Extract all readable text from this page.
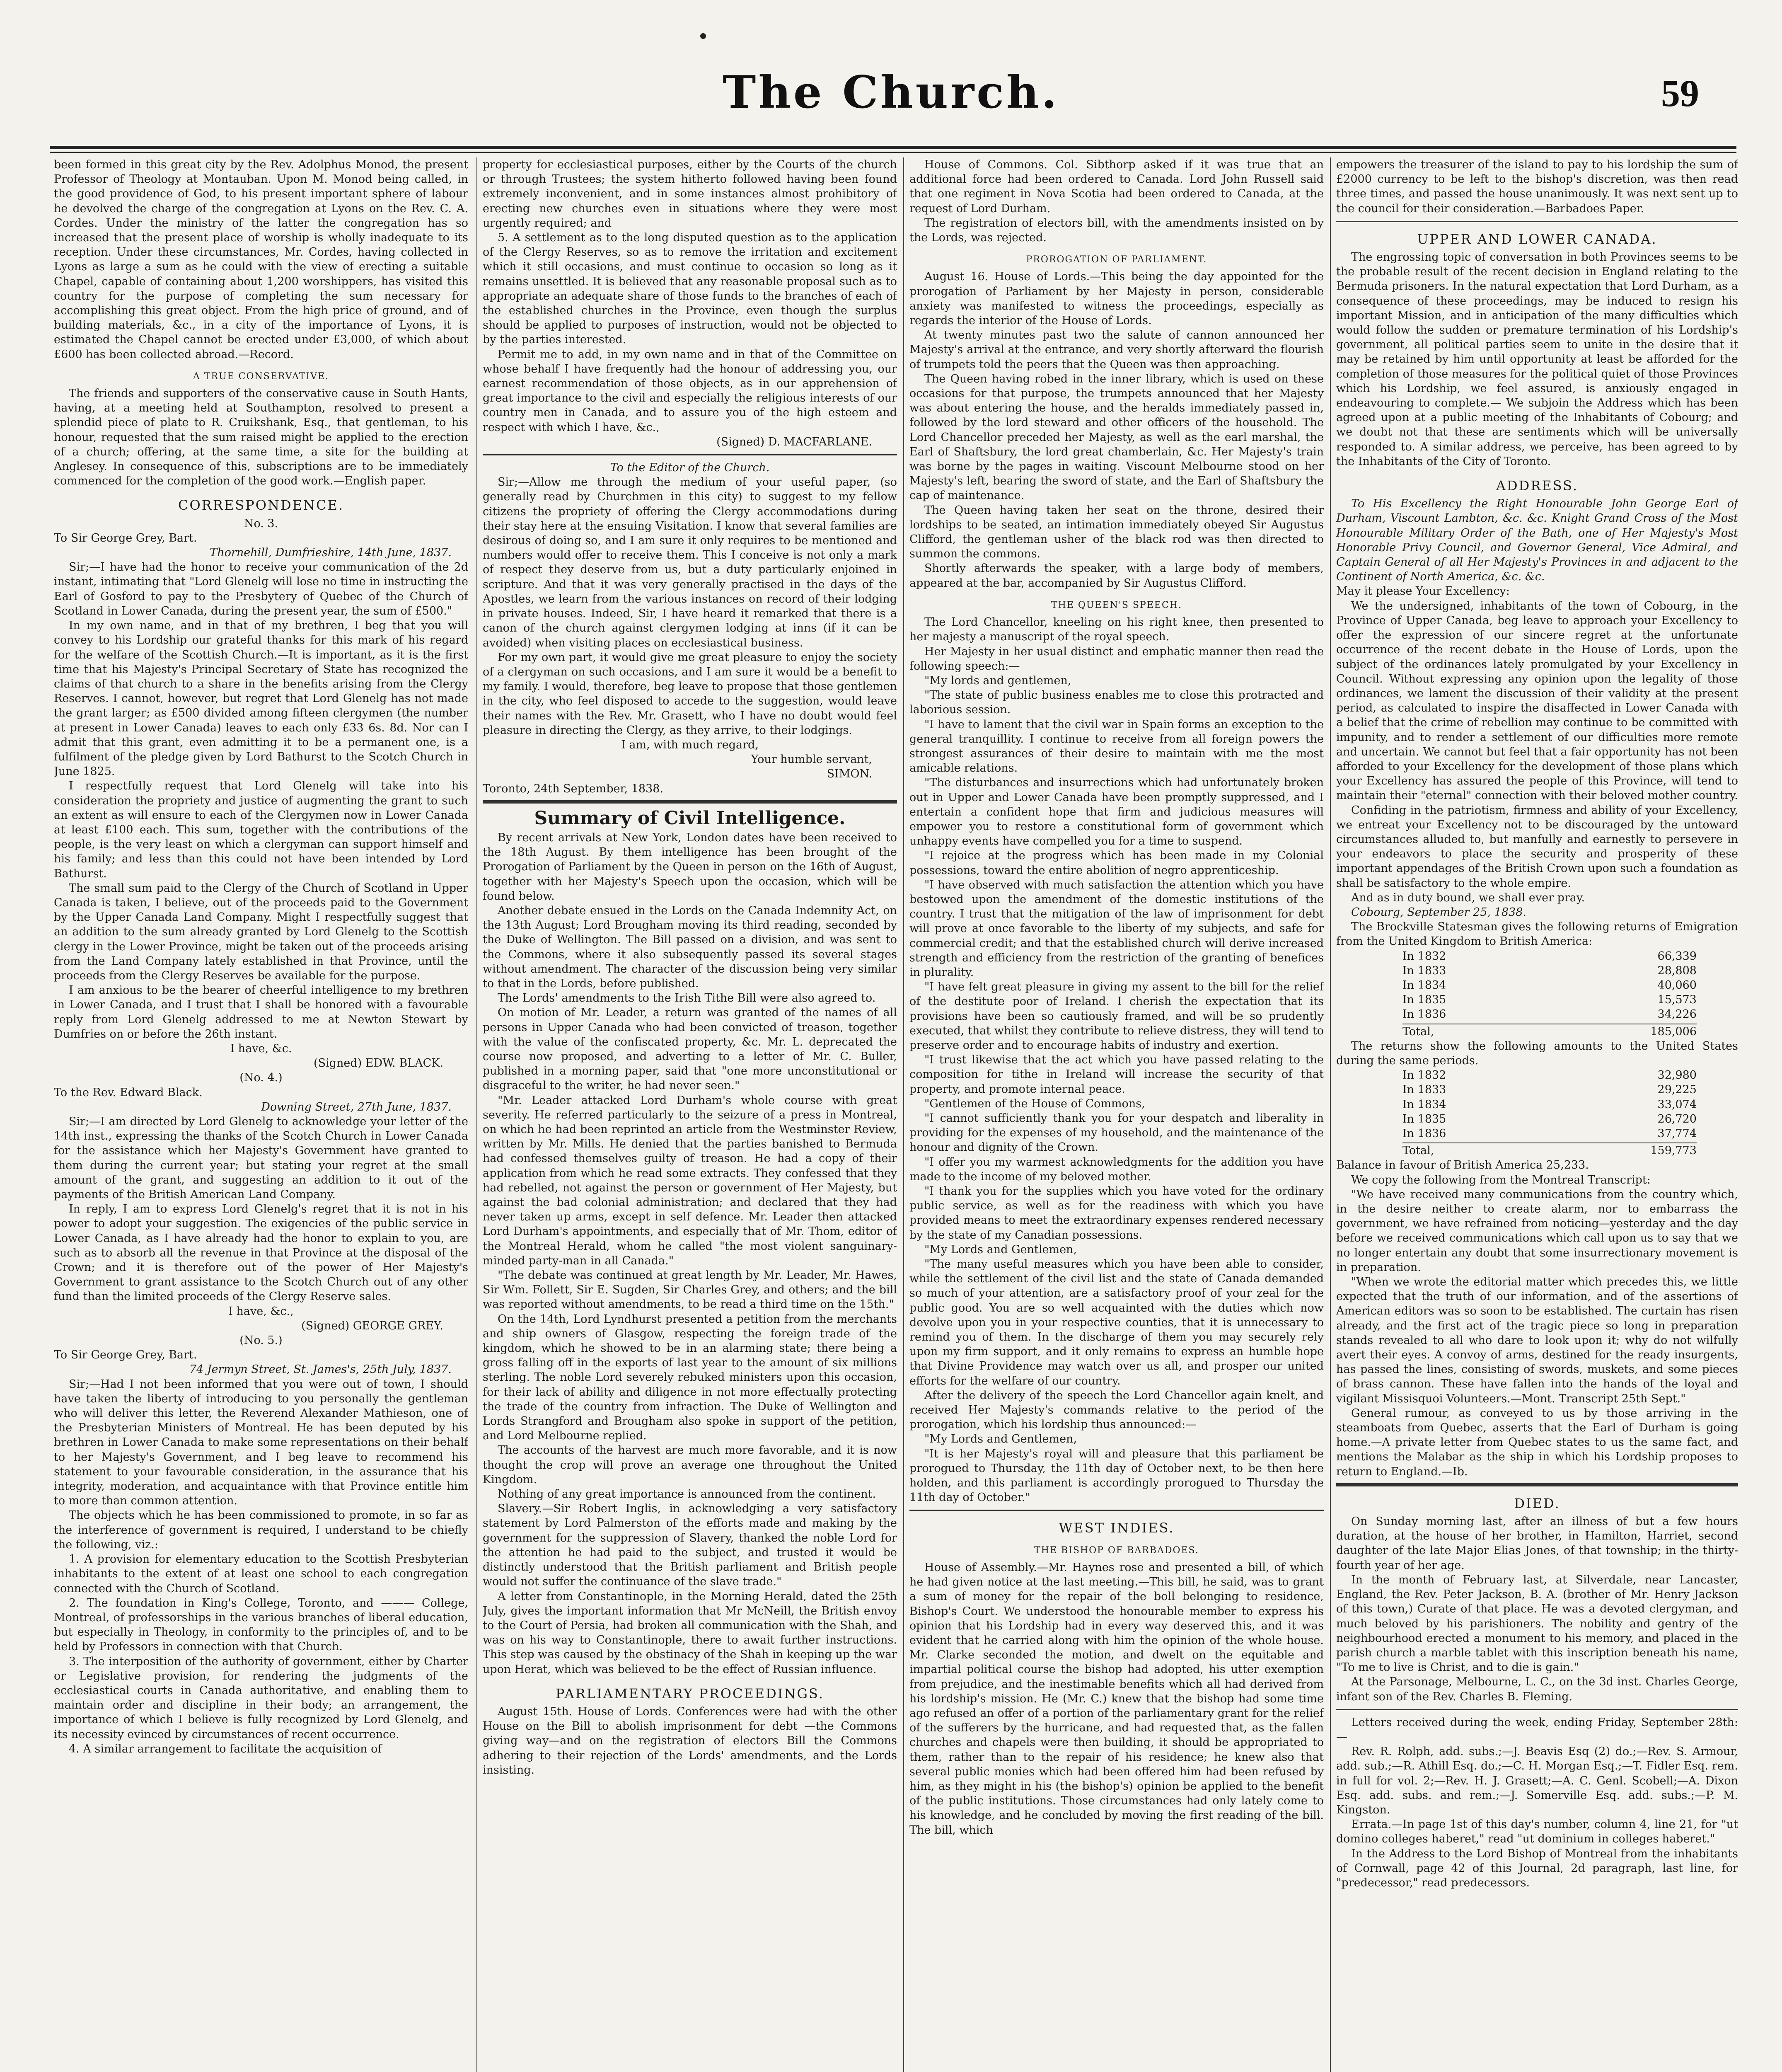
The Church.	59

been formed in this great city by the Rev. Adolphus Monod, the present Professor of Theology at Montauban. Upon M. Monod being called, in the good providence of God, to his present important sphere of labour he devolved the charge of the congregation at Lyons on the Rev. C. A. Cordes. Under the ministry of the latter the congregation has so increased that the present place of worship is wholly inadequate to its reception. Under these circumstances, Mr. Cordes, having collected in Lyons as large a sum as he could with the view of erecting a suitable Chapel, capable of containing about 1,200 worshippers, has visited this country for the purpose of completing the sum necessary for accomplishing this great object. From the high price of ground, and of building materials, &c., in a city of the importance of Lyons, it is estimated the Chapel cannot be erected under £3,000, of which about £600 has been collected abroad.—Record.

A TRUE CONSERVATIVE.

The friends and supporters of the conservative cause in South Hants, having, at a meeting held at Southampton, resolved to present a splendid piece of plate to R. Cruikshank, Esq., that gentleman, to his honour, requested that the sum raised might be applied to the erection of a church; offering, at the same time, a site for the building at Anglesey. In consequence of this, subscriptions are to be immediately commenced for the completion of the good work.—English paper.

CORRESPONDENCE.

No. 3.

To Sir George Grey, Bart.

Thornehill, Dumfrieshire, 14th June, 1837.

Sir;—I have had the honor to receive your communication of the 2d instant, intimating that "Lord Glenelg will lose no time in instructing the Earl of Gosford to pay to the Presbytery of Quebec of the Church of Scotland in Lower Canada, during the present year, the sum of £500."

In my own name, and in that of my brethren, I beg that you will convey to his Lordship our grateful thanks for this mark of his regard for the welfare of the Scottish Church.—It is important, as it is the first time that his Majesty's Principal Secretary of State has recognized the claims of that church to a share in the benefits arising from the Clergy Reserves. I cannot, however, but regret that Lord Glenelg has not made the grant larger; as £500 divided among fifteen clergymen (the number at present in Lower Canada) leaves to each only £33 6s. 8d. Nor can I admit that this grant, even admitting it to be a permanent one, is a fulfilment of the pledge given by Lord Bathurst to the Scotch Church in June 1825.

I respectfully request that Lord Glenelg will take into his consideration the propriety and justice of augmenting the grant to such an extent as will ensure to each of the Clergymen now in Lower Canada at least £100 each. This sum, together with the contributions of the people, is the very least on which a clergyman can support himself and his family; and less than this could not have been intended by Lord Bathurst.

The small sum paid to the Clergy of the Church of Scotland in Upper Canada is taken, I believe, out of the proceeds paid to the Government by the Upper Canada Land Company. Might I respectfully suggest that an addition to the sum already granted by Lord Glenelg to the Scottish clergy in the Lower Province, might be taken out of the proceeds arising from the Land Company lately established in that Province, until the proceeds from the Clergy Reserves be available for the purpose.

I am anxious to be the bearer of cheerful intelligence to my brethren in Lower Canada, and I trust that I shall be honored with a favourable reply from Lord Glenelg addressed to me at Newton Stewart by Dumfries on or before the 26th instant.

I have, &c.

(Signed) EDW. BLACK.

(No. 4.)

To the Rev. Edward Black.

Downing Street, 27th June, 1837.

Sir;—I am directed by Lord Glenelg to acknowledge your letter of the 14th inst., expressing the thanks of the Scotch Church in Lower Canada for the assistance which her Majesty's Government have granted to them during the current year; but stating your regret at the small amount of the grant, and suggesting an addition to it out of the payments of the British American Land Company.

In reply, I am to express Lord Glenelg's regret that it is not in his power to adopt your suggestion. The exigencies of the public service in Lower Canada, as I have already had the honor to explain to you, are such as to absorb all the revenue in that Province at the disposal of the Crown; and it is therefore out of the power of Her Majesty's Government to grant assistance to the Scotch Church out of any other fund than the limited proceeds of the Clergy Reserve sales.

I have, &c.,

(Signed) GEORGE GREY.

(No. 5.)

To Sir George Grey, Bart.

74 Jermyn Street, St. James's, 25th July, 1837.

Sir;—Had I not been informed that you were out of town, I should have taken the liberty of introducing to you personally the gentleman who will deliver this letter, the Reverend Alexander Mathieson, one of the Presbyterian Ministers of Montreal. He has been deputed by his brethren in Lower Canada to make some representations on their behalf to her Majesty's Government, and I beg leave to recommend his statement to your favourable consideration, in the assurance that his integrity, moderation, and acquaintance with that Province entitle him to more than common attention.

The objects which he has been commissioned to promote, in so far as the interference of government is required, I understand to be chiefly the following, viz.:

1. A provision for elementary education to the Scottish Presbyterian inhabitants to the extent of at least one school to each congregation connected with the Church of Scotland.

2. The foundation in King's College, Toronto, and ——— College, Montreal, of professorships in the various branches of liberal education, but especially in Theology, in conformity to the principles of, and to be held by Professors in connection with that Church.

3. The interposition of the authority of government, either by Charter or Legislative provision, for rendering the judgments of the ecclesiastical courts in Canada authoritative, and enabling them to maintain order and discipline in their body; an arrangement, the importance of which I believe is fully recognized by Lord Glenelg, and its necessity evinced by circumstances of recent occurrence.

4. A similar arrangement to facilitate the acquisition of

property for ecclesiastical purposes, either by the Courts of the church or through Trustees; the system hitherto followed having been found extremely inconvenient, and in some instances almost prohibitory of erecting new churches even in situations where they were most urgently required; and

5. A settlement as to the long disputed question as to the application of the Clergy Reserves, so as to remove the irritation and excitement which it still occasions, and must continue to occasion so long as it remains unsettled. It is believed that any reasonable proposal such as to appropriate an adequate share of those funds to the branches of each of the established churches in the Province, even though the surplus should be applied to purposes of instruction, would not be objected to by the parties interested.

Permit me to add, in my own name and in that of the Committee on whose behalf I have frequently had the honour of addressing you, our earnest recommendation of those objects, as in our apprehension of great importance to the civil and especially the religious interests of our country men in Canada, and to assure you of the high esteem and respect with which I have, &c.,

(Signed) D. MACFARLANE.

To the Editor of the Church.

Sir;—Allow me through the medium of your useful paper, (so generally read by Churchmen in this city) to suggest to my fellow citizens the propriety of offering the Clergy accommodations during their stay here at the ensuing Visitation. I know that several families are desirous of doing so, and I am sure it only requires to be mentioned and numbers would offer to receive them. This I conceive is not only a mark of respect they deserve from us, but a duty particularly enjoined in scripture. And that it was very generally practised in the days of the Apostles, we learn from the various instances on record of their lodging in private houses. Indeed, Sir, I have heard it remarked that there is a canon of the church against clergymen lodging at inns (if it can be avoided) when visiting places on ecclesiastical business.

For my own part, it would give me great pleasure to enjoy the society of a clergyman on such occasions, and I am sure it would be a benefit to my family. I would, therefore, beg leave to propose that those gentlemen in the city, who feel disposed to accede to the suggestion, would leave their names with the Rev. Mr. Grasett, who I have no doubt would feel pleasure in directing the Clergy, as they arrive, to their lodgings.

I am, with much regard,

Your humble servant,

SIMON.

Toronto, 24th September, 1838.

Summary of Civil Intelligence.

By recent arrivals at New York, London dates have been received to the 18th August. By them intelligence has been brought of the Prorogation of Parliament by the Queen in person on the 16th of August, together with her Majesty's Speech upon the occasion, which will be found below.

Another debate ensued in the Lords on the Canada Indemnity Act, on the 13th August; Lord Brougham moving its third reading, seconded by the Duke of Wellington. The Bill passed on a division, and was sent to the Commons, where it also subsequently passed its several stages without amendment. The character of the discussion being very similar to that in the Lords, before published.

The Lords' amendments to the Irish Tithe Bill were also agreed to.

On motion of Mr. Leader, a return was granted of the names of all persons in Upper Canada who had been convicted of treason, together with the value of the confiscated property, &c. Mr. L. deprecated the course now proposed, and adverting to a letter of Mr. C. Buller, published in a morning paper, said that "one more unconstitutional or disgraceful to the writer, he had never seen."

"Mr. Leader attacked Lord Durham's whole course with great severity. He referred particularly to the seizure of a press in Montreal, on which he had been reprinted an article from the Westminster Review, written by Mr. Mills. He denied that the parties banished to Bermuda had confessed themselves guilty of treason. He had a copy of their application from which he read some extracts. They confessed that they had rebelled, not against the person or government of Her Majesty, but against the bad colonial administration; and declared that they had never taken up arms, except in self defence. Mr. Leader then attacked Lord Durham's appointments, and especially that of Mr. Thom, editor of the Montreal Herald, whom he called "the most violent sanguinary-minded party-man in all Canada."

"The debate was continued at great length by Mr. Leader, Mr. Hawes, Sir Wm. Follett, Sir E. Sugden, Sir Charles Grey, and others; and the bill was reported without amendments, to be read a third time on the 15th."

On the 14th, Lord Lyndhurst presented a petition from the merchants and ship owners of Glasgow, respecting the foreign trade of the kingdom, which he showed to be in an alarming state; there being a gross falling off in the exports of last year to the amount of six millions sterling. The noble Lord severely rebuked ministers upon this occasion, for their lack of ability and diligence in not more effectually protecting the trade of the country from infraction. The Duke of Wellington and Lords Strangford and Brougham also spoke in support of the petition, and Lord Melbourne replied.

The accounts of the harvest are much more favorable, and it is now thought the crop will prove an average one throughout the United Kingdom.

Nothing of any great importance is announced from the continent.

Slavery.—Sir Robert Inglis, in acknowledging a very satisfactory statement by Lord Palmerston of the efforts made and making by the government for the suppression of Slavery, thanked the noble Lord for the attention he had paid to the subject, and trusted it would be distinctly understood that the British parliament and British people would not suffer the continuance of the slave trade."

A letter from Constantinople, in the Morning Herald, dated the 25th July, gives the important information that Mr McNeill, the British envoy to the Court of Persia, had broken all communication with the Shah, and was on his way to Constantinople, there to await further instructions. This step was caused by the obstinacy of the Shah in keeping up the war upon Herat, which was believed to be the effect of Russian influence.

PARLIAMENTARY PROCEEDINGS.

August 15th. House of Lords. Conferences were had with the other House on the Bill to abolish imprisonment for debt —the Commons giving way—and on the registration of electors Bill the Commons adhering to their rejection of the Lords' amendments, and the Lords insisting.

House of Commons. Col. Sibthorp asked if it was true that an additional force had been ordered to Canada. Lord John Russell said that one regiment in Nova Scotia had been ordered to Canada, at the request of Lord Durham.

The registration of electors bill, with the amendments insisted on by the Lords, was rejected.

PROROGATION OF PARLIAMENT.

August 16. House of Lords.—This being the day appointed for the prorogation of Parliament by her Majesty in person, considerable anxiety was manifested to witness the proceedings, especially as regards the interior of the House of Lords.

At twenty minutes past two the salute of cannon announced her Majesty's arrival at the entrance, and very shortly afterward the flourish of trumpets told the peers that the Queen was then approaching.

The Queen having robed in the inner library, which is used on these occasions for that purpose, the trumpets announced that her Majesty was about entering the house, and the heralds immediately passed in, followed by the lord steward and other officers of the household. The Lord Chancellor preceded her Majesty, as well as the earl marshal, the Earl of Shaftsbury, the lord great chamberlain, &c. Her Majesty's train was borne by the pages in waiting. Viscount Melbourne stood on her Majesty's left, bearing the sword of state, and the Earl of Shaftsbury the cap of maintenance.

The Queen having taken her seat on the throne, desired their lordships to be seated, an intimation immediately obeyed Sir Augustus Clifford, the gentleman usher of the black rod was then directed to summon the commons.

Shortly afterwards the speaker, with a large body of members, appeared at the bar, accompanied by Sir Augustus Clifford.

THE QUEEN'S SPEECH.

The Lord Chancellor, kneeling on his right knee, then presented to her majesty a manuscript of the royal speech.

Her Majesty in her usual distinct and emphatic manner then read the following speech:—

"My lords and gentlemen,

"The state of public business enables me to close this protracted and laborious session.

"I have to lament that the civil war in Spain forms an exception to the general tranquillity. I continue to receive from all foreign powers the strongest assurances of their desire to maintain with me the most amicable relations.

"The disturbances and insurrections which had unfortunately broken out in Upper and Lower Canada have been promptly suppressed, and I entertain a confident hope that firm and judicious measures will empower you to restore a constitutional form of government which unhappy events have compelled you for a time to suspend.

"I rejoice at the progress which has been made in my Colonial possessions, toward the entire abolition of negro apprenticeship.

"I have observed with much satisfaction the attention which you have bestowed upon the amendment of the domestic institutions of the country. I trust that the mitigation of the law of imprisonment for debt will prove at once favorable to the liberty of my subjects, and safe for commercial credit; and that the established church will derive increased strength and efficiency from the restriction of the granting of benefices in plurality.

"I have felt great pleasure in giving my assent to the bill for the relief of the destitute poor of Ireland. I cherish the expectation that its provisions have been so cautiously framed, and will be so prudently executed, that whilst they contribute to relieve distress, they will tend to preserve order and to encourage habits of industry and exertion.

"I trust likewise that the act which you have passed relating to the composition for tithe in Ireland will increase the security of that property, and promote internal peace.

"Gentlemen of the House of Commons,

"I cannot sufficiently thank you for your despatch and liberality in providing for the expenses of my household, and the maintenance of the honour and dignity of the Crown.

"I offer you my warmest acknowledgments for the addition you have made to the income of my beloved mother.

"I thank you for the supplies which you have voted for the ordinary public service, as well as for the readiness with which you have provided means to meet the extraordinary expenses rendered necessary by the state of my Canadian possessions.

"My Lords and Gentlemen,

"The many useful measures which you have been able to consider, while the settlement of the civil list and the state of Canada demanded so much of your attention, are a satisfactory proof of your zeal for the public good. You are so well acquainted with the duties which now devolve upon you in your respective counties, that it is unnecessary to remind you of them. In the discharge of them you may securely rely upon my firm support, and it only remains to express an humble hope that Divine Providence may watch over us all, and prosper our united efforts for the welfare of our country.

After the delivery of the speech the Lord Chancellor again knelt, and received Her Majesty's commands relative to the period of the prorogation, which his lordship thus announced:—

"My Lords and Gentlemen,

"It is her Majesty's royal will and pleasure that this parliament be prorogued to Thursday, the 11th day of October next, to be then here holden, and this parliament is accordingly prorogued to Thursday the 11th day of October."

WEST INDIES.

THE BISHOP OF BARBADOES.

House of Assembly.—Mr. Haynes rose and presented a bill, of which he had given notice at the last meeting.—This bill, he said, was to grant a sum of money for the repair of the boll belonging to residence, Bishop's Court. We understood the honourable member to express his opinion that his Lordship had in every way deserved this, and it was evident that he carried along with him the opinion of the whole house. Mr. Clarke seconded the motion, and dwelt on the equitable and impartial political course the bishop had adopted, his utter exemption from prejudice, and the inestimable benefits which all had derived from his lordship's mission. He (Mr. C.) knew that the bishop had some time ago refused an offer of a portion of the parliamentary grant for the relief of the sufferers by the hurricane, and had requested that, as the fallen churches and chapels were then building, it should be appropriated to them, rather than to the repair of his residence; he knew also that several public monies which had been offered him had been refused by him, as they might in his (the bishop's) opinion be applied to the benefit of the public institutions. Those circumstances had only lately come to his knowledge, and he concluded by moving the first reading of the bill. The bill, which

empowers the treasurer of the island to pay to his lordship the sum of £2000 currency to be left to the bishop's discretion, was then read three times, and passed the house unanimously. It was next sent up to the council for their consideration.—Barbadoes Paper.

UPPER AND LOWER CANADA.

The engrossing topic of conversation in both Provinces seems to be the probable result of the recent decision in England relating to the Bermuda prisoners. In the natural expectation that Lord Durham, as a consequence of these proceedings, may be induced to resign his important Mission, and in anticipation of the many difficulties which would follow the sudden or premature termination of his Lordship's government, all political parties seem to unite in the desire that it may be retained by him until opportunity at least be afforded for the completion of those measures for the political quiet of those Provinces which his Lordship, we feel assured, is anxiously engaged in endeavouring to complete.— We subjoin the Address which has been agreed upon at a public meeting of the Inhabitants of Cobourg; and we doubt not that these are sentiments which will be universally responded to. A similar address, we perceive, has been agreed to by the Inhabitants of the City of Toronto.

ADDRESS.

To His Excellency the Right Honourable John George Earl of Durham, Viscount Lambton, &c. &c. Knight Grand Cross of the Most Honourable Military Order of the Bath, one of Her Majesty's Most Honorable Privy Council, and Governor General, Vice Admiral, and Captain General of all Her Majesty's Provinces in and adjacent to the Continent of North America, &c. &c.

May it please Your Excellency:

We the undersigned, inhabitants of the town of Cobourg, in the Province of Upper Canada, beg leave to approach your Excellency to offer the expression of our sincere regret at the unfortunate occurrence of the recent debate in the House of Lords, upon the subject of the ordinances lately promulgated by your Excellency in Council. Without expressing any opinion upon the legality of those ordinances, we lament the discussion of their validity at the present period, as calculated to inspire the disaffected in Lower Canada with a belief that the crime of rebellion may continue to be committed with impunity, and to render a settlement of our difficulties more remote and uncertain. We cannot but feel that a fair opportunity has not been afforded to your Excellency for the development of those plans which your Excellency has assured the people of this Province, will tend to maintain their "eternal" connection with their beloved mother country.

Confiding in the patriotism, firmness and ability of your Excellency, we entreat your Excellency not to be discouraged by the untoward circumstances alluded to, but manfully and earnestly to persevere in your endeavors to place the security and prosperity of these important appendages of the British Crown upon such a foundation as shall be satisfactory to the whole empire.

And as in duty bound, we shall ever pray.

Cobourg, September 25, 1838.

The Brockville Statesman gives the following returns of Emigration from the United Kingdom to British America:

In 1832	66,339
In 1833	28,808
In 1834	40,060
In 1835	15,573
In 1836	34,226
Total,	185,006

The returns show the following amounts to the United States during the same periods.

In 1832	32,980
In 1833	29,225
In 1834	33,074
In 1835	26,720
In 1836	37,774
Total,	159,773

Balance in favour of British America 25,233.

We copy the following from the Montreal Transcript:

"We have received many communications from the country which, in the desire neither to create alarm, nor to embarrass the government, we have refrained from noticing—yesterday and the day before we received communications which call upon us to say that we no longer entertain any doubt that some insurrectionary movement is in preparation.

"When we wrote the editorial matter which precedes this, we little expected that the truth of our information, and of the assertions of American editors was so soon to be established. The curtain has risen already, and the first act of the tragic piece so long in preparation stands revealed to all who dare to look upon it; why do not wilfully avert their eyes. A convoy of arms, destined for the ready insurgents, has passed the lines, consisting of swords, muskets, and some pieces of brass cannon. These have fallen into the hands of the loyal and vigilant Missisquoi Volunteers.—Mont. Transcript 25th Sept."

General rumour, as conveyed to us by those arriving in the steamboats from Quebec, asserts that the Earl of Durham is going home.—A private letter from Quebec states to us the same fact, and mentions the Malabar as the ship in which his Lordship proposes to return to England.—Ib.

DIED.

On Sunday morning last, after an illness of but a few hours duration, at the house of her brother, in Hamilton, Harriet, second daughter of the late Major Elias Jones, of that township; in the thirty-fourth year of her age.

In the month of February last, at Silverdale, near Lancaster, England, the Rev. Peter Jackson, B. A. (brother of Mr. Henry Jackson of this town,) Curate of that place. He was a devoted clergyman, and much beloved by his parishioners. The nobility and gentry of the neighbourhood erected a monument to his memory, and placed in the parish church a marble tablet with this inscription beneath his name, "To me to live is Christ, and to die is gain."

At the Parsonage, Melbourne, L. C., on the 3d inst. Charles George, infant son of the Rev. Charles B. Fleming.

Letters received during the week, ending Friday, September 28th:—

Rev. R. Rolph, add. subs.;—J. Beavis Esq (2) do.;—Rev. S. Armour, add. sub.;—R. Athill Esq. do.;—C. H. Morgan Esq.;—T. Fidler Esq. rem. in full for vol. 2;—Rev. H. J. Grasett;—A. C. Genl. Scobell;—A. Dixon Esq. add. subs. and rem.;—J. Somerville Esq. add. subs.;—P. M. Kingston.

Errata.—In page 1st of this day's number, column 4, line 21, for "ut domino colleges haberet," read "ut dominium in colleges haberet."

In the Address to the Lord Bishop of Montreal from the inhabitants of Cornwall, page 42 of this Journal, 2d paragraph, last line, for "predecessor," read predecessors.
